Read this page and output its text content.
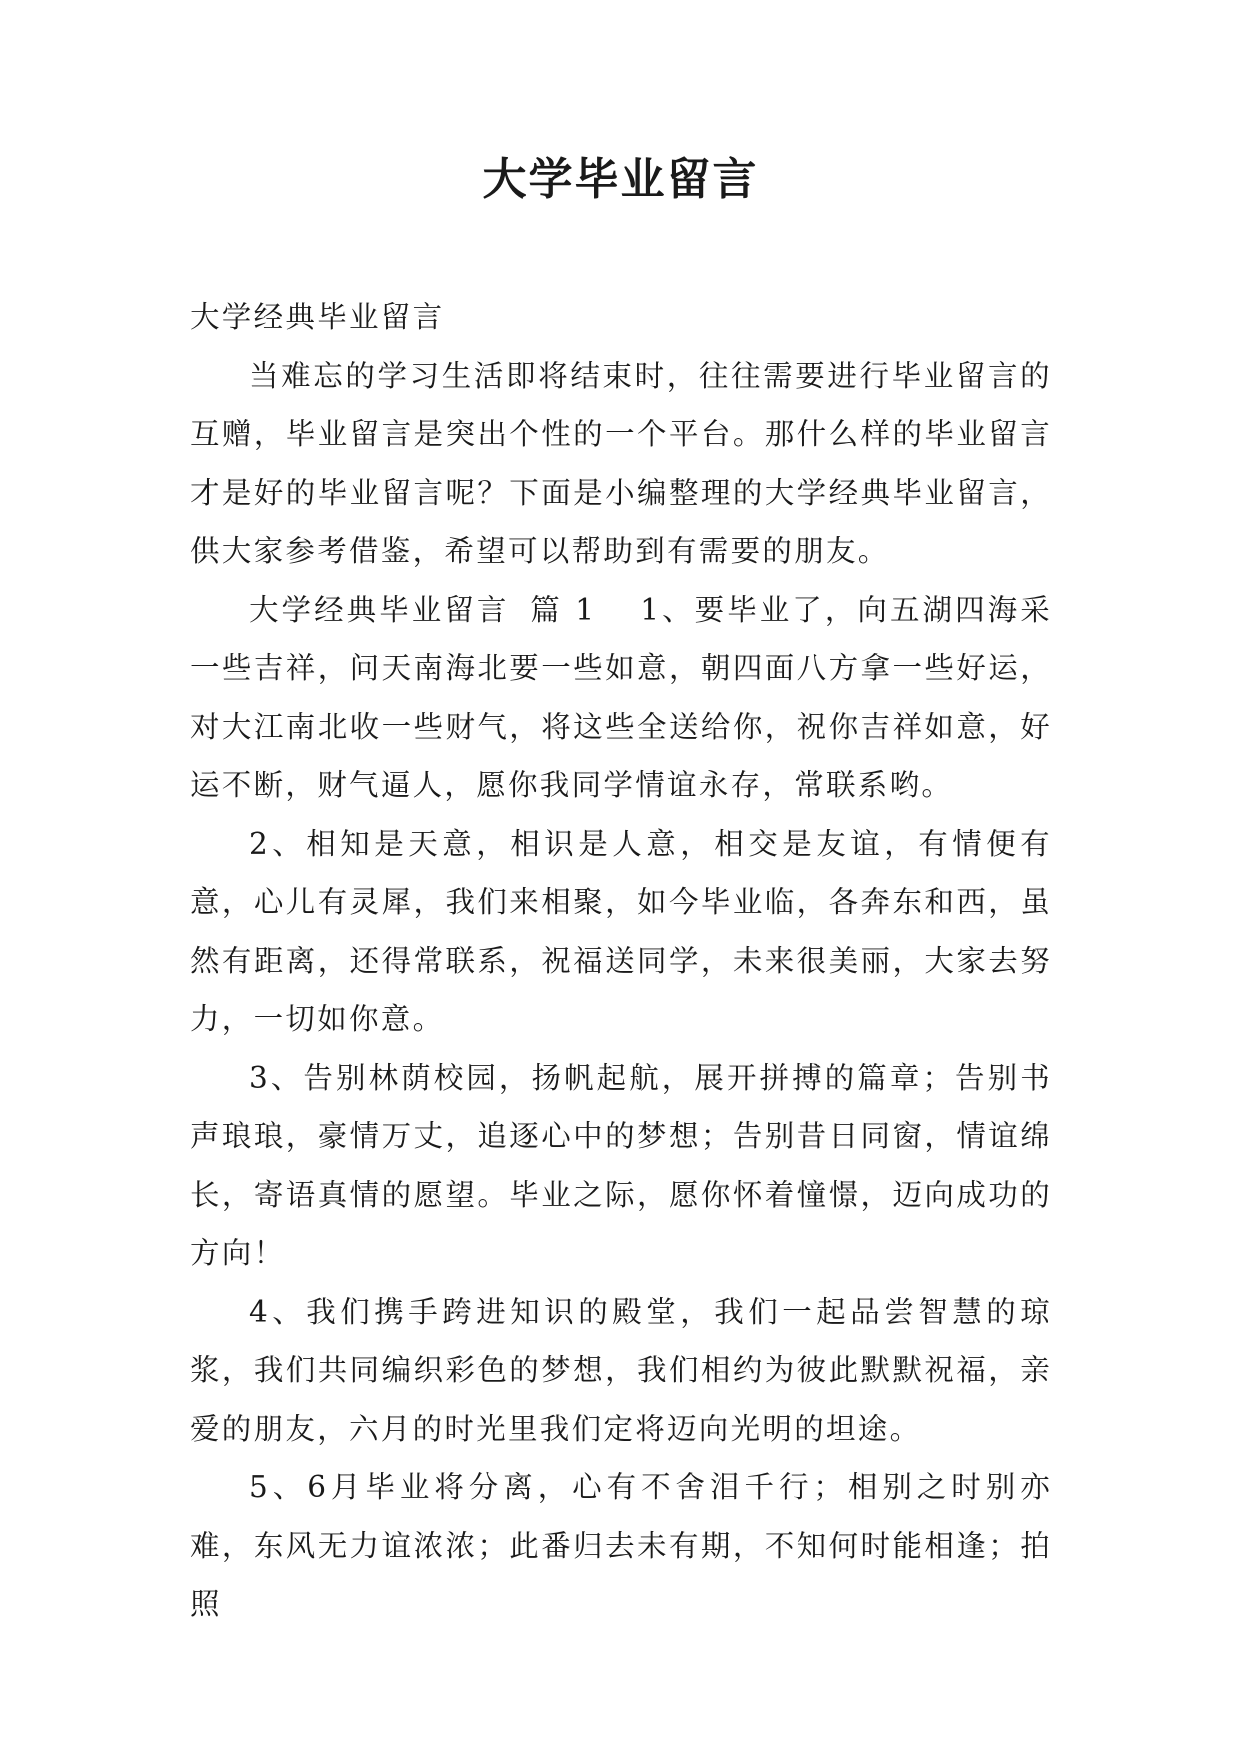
大学毕业留言

大学经典毕业留言

当难忘的学习生活即将结束时，往往需要进行毕业留言的互赠，毕业留言是突出个性的一个平台。那什么样的毕业留言才是好的毕业留言呢？下面是小编整理的大学经典毕业留言，供大家参考借鉴，希望可以帮助到有需要的朋友。

大学经典毕业留言 篇 1 1、要毕业了，向五湖四海采一些吉祥，问天南海北要一些如意，朝四面八方拿一些好运，对大江南北收一些财气，将这些全送给你，祝你吉祥如意，好运不断，财气逼人，愿你我同学情谊永存，常联系哟。

2、相知是天意，相识是人意，相交是友谊，有情便有意，心儿有灵犀，我们来相聚，如今毕业临，各奔东和西，虽然有距离，还得常联系，祝福送同学，未来很美丽，大家去努力，一切如你意。

3、告别林荫校园，扬帆起航，展开拼搏的篇章；告别书声琅琅，豪情万丈，追逐心中的梦想；告别昔日同窗，情谊绵长，寄语真情的愿望。毕业之际，愿你怀着憧憬，迈向成功的方向！

4、我们携手跨进知识的殿堂，我们一起品尝智慧的琼浆，我们共同编织彩色的梦想，我们相约为彼此默默祝福，亲爱的朋友，六月的时光里我们定将迈向光明的坦途。

5、6月毕业将分离，心有不舍泪千行；相别之时别亦难，东风无力谊浓浓；此番归去未有期，不知何时能相逢；拍照
